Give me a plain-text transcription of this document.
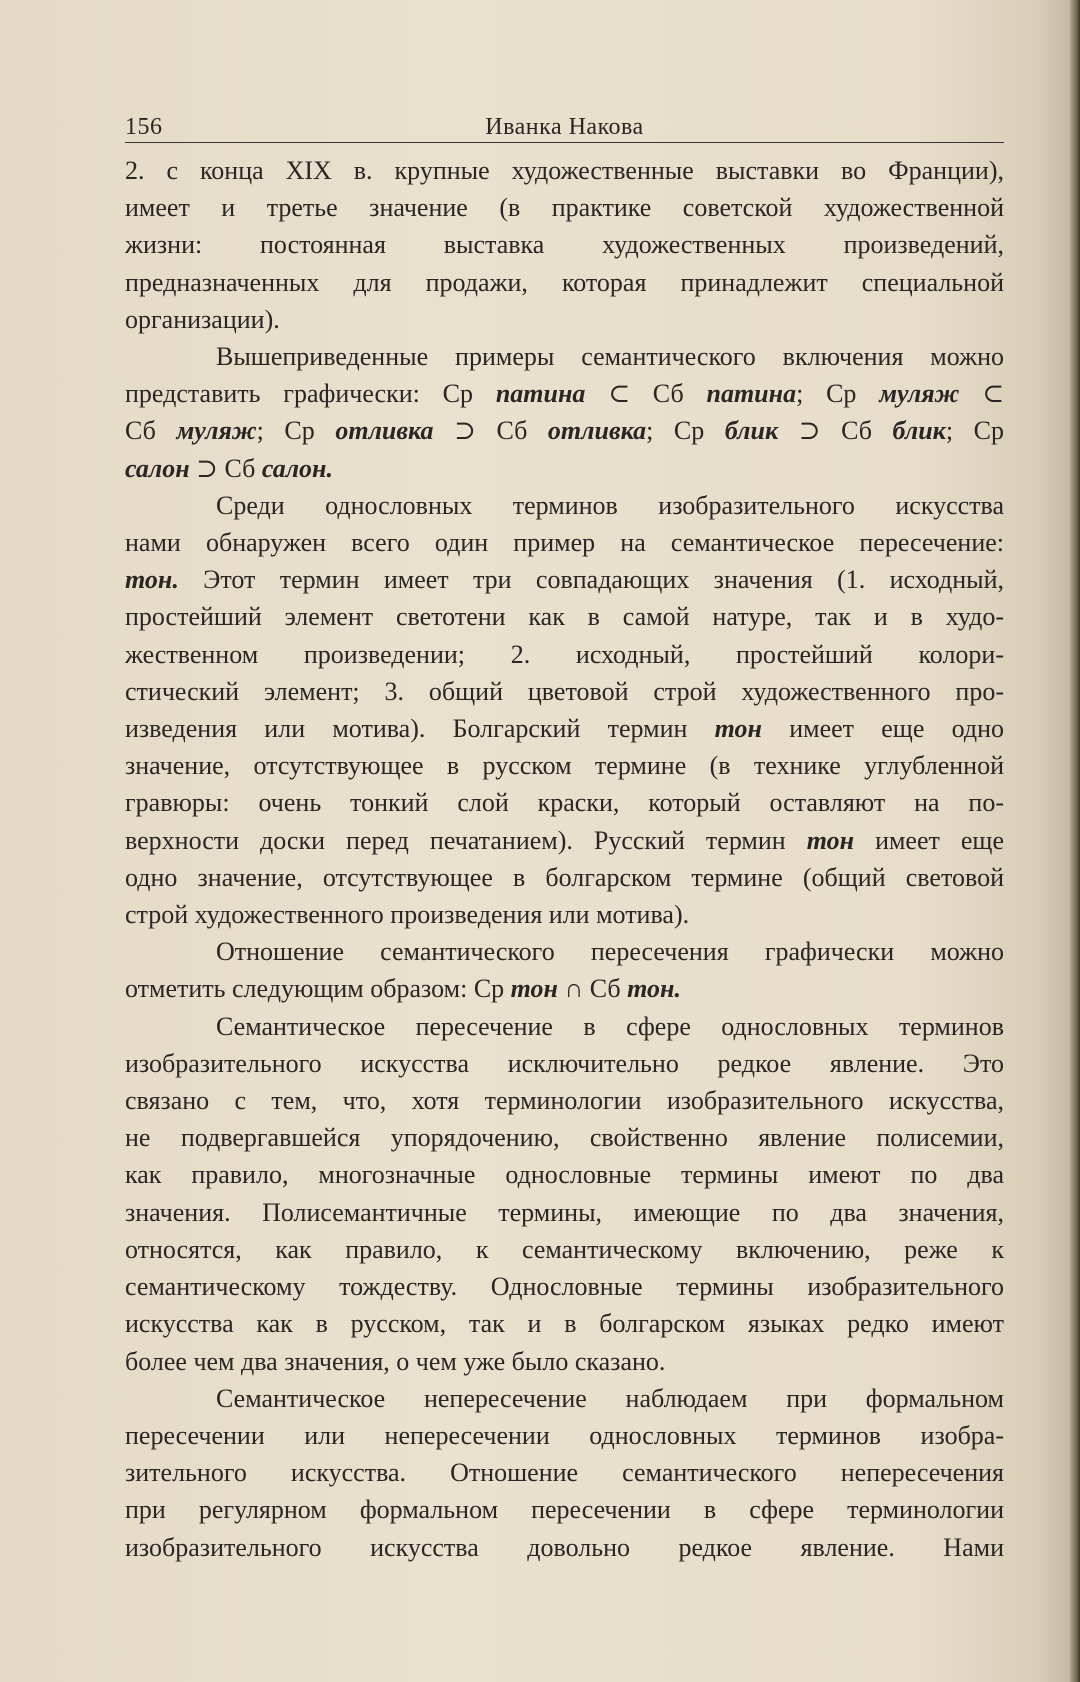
156	Иванка Накова
2. с конца XIX в. крупные художественные выставки во Франции),
имеет и третье значение (в практике советской художественной
жизни: постоянная выставка художественных произведений,
предназначенных для продажи, которая принадлежит специальной
организации).
Вышеприведенные примеры семантического включения можно
представить графически: Ср патина ⊂ Сб патина; Ср муляж ⊂
Сб муляж; Ср отливка ⊃ Сб отливка; Ср блик ⊃ Сб блик; Ср
салон ⊃ Сб салон.
Среди однословных терминов изобразительного искусства
нами обнаружен всего один пример на семантическое пересечение:
тон. Этот термин имеет три совпадающих значения (1. исходный,
простейший элемент светотени как в самой натуре, так и в худо-
жественном произведении; 2. исходный, простейший колори-
стический элемент; 3. общий цветовой строй художественного про-
изведения или мотива). Болгарский термин тон имеет еще одно
значение, отсутствующее в русском термине (в технике углубленной
гравюры: очень тонкий слой краски, который оставляют на по-
верхности доски перед печатанием). Русский термин тон имеет еще
одно значение, отсутствующее в болгарском термине (общий световой
строй художественного произведения или мотива).
Отношение семантического пересечения графически можно
отметить следующим образом: Ср тон ∩ Сб тон.
Семантическое пересечение в сфере однословных терминов
изобразительного искусства исключительно редкое явление. Это
связано с тем, что, хотя терминологии изобразительного искусства,
не подвергавшейся упорядочению, свойственно явление полисемии,
как правило, многозначные однословные термины имеют по два
значения. Полисемантичные термины, имеющие по два значения,
относятся, как правило, к семантическому включению, реже к
семантическому тождеству. Однословные термины изобразительного
искусства как в русском, так и в болгарском языках редко имеют
более чем два значения, о чем уже было сказано.
Семантическое непересечение наблюдаем при формальном
пересечении или непересечении однословных терминов изобра-
зительного искусства. Отношение семантического непересечения
при регулярном формальном пересечении в сфере терминологии
изобразительного искусства довольно редкое явление. Нами
